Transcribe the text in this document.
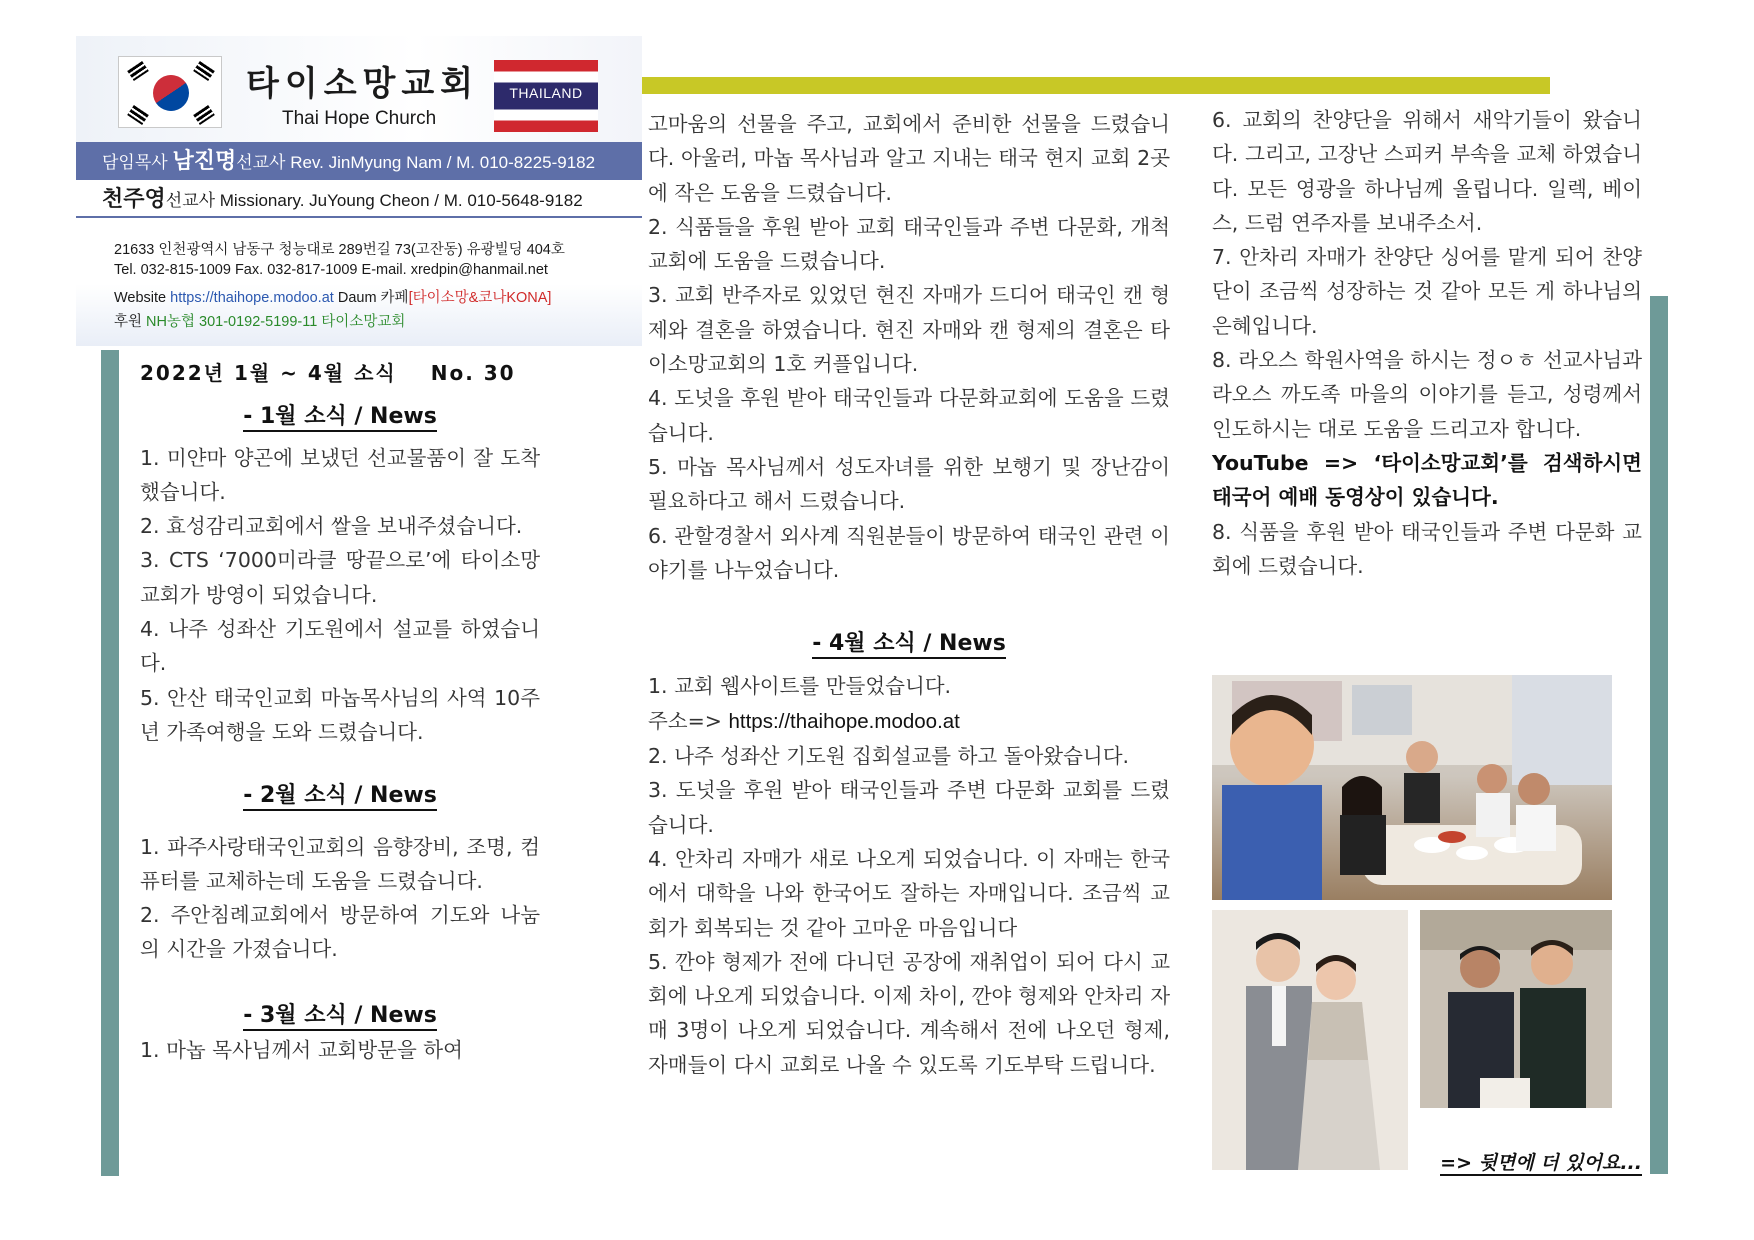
타이소망교회
Thai Hope Church
THAILAND
담임목사 남진명선교사 Rev. JinMyung Nam / M. 010-8225-9182
천주영선교사 Missionary. JuYoung Cheon / M. 010-5648-9182
21633 인천광역시 남동구 청능대로 289번길 73(고잔동) 유광빌딩 404호
Tel. 032-815-1009 Fax. 032-817-1009 E-mail. xredpin@hanmail.net
Website https://thaihope.modoo.at Daum 카페[타이소망&코나KONA]
후원 NH농협 301-0192-5199-11 타이소망교회
2022년 1월 ~ 4월 소식 No. 30
- 1월 소식 / News

1. 미얀마 양곤에 보냈던 선교물품이 잘 도착했습니다.

2. 효성감리교회에서 쌀을 보내주셨습니다.

3. CTS ‘7000미라클 땅끝으로’에 타이소망교회가 방영이 되었습니다.

4. 나주 성좌산 기도원에서 설교를 하였습니다.

5. 안산 태국인교회 마놉목사님의 사역 10주년 가족여행을 도와 드렸습니다.

- 2월 소식 / News

1. 파주사랑태국인교회의 음향장비, 조명, 컴퓨터를 교체하는데 도움을 드렸습니다.

2. 주안침례교회에서 방문하여 기도와 나눔의 시간을 가졌습니다.

- 3월 소식 / News

1. 마놉 목사님께서 교회방문을 하여

고마움의 선물을 주고, 교회에서 준비한 선물을 드렸습니다. 아울러, 마놉 목사님과 알고 지내는 태국 현지 교회 2곳에 작은 도움을 드렸습니다.

2. 식품들을 후원 받아 교회 태국인들과 주변 다문화, 개척교회에 도움을 드렸습니다.

3. 교회 반주자로 있었던 현진 자매가 드디어 태국인 캔 형제와 결혼을 하였습니다. 현진 자매와 캔 형제의 결혼은 타이소망교회의 1호 커플입니다.

4. 도넛을 후원 받아 태국인들과 다문화교회에 도움을 드렸습니다.

5. 마놉 목사님께서 성도자녀를 위한 보행기 및 장난감이 필요하다고 해서 드렸습니다.

6. 관할경찰서 외사계 직원분들이 방문하여 태국인 관련 이야기를 나누었습니다.

- 4월 소식 / News

1. 교회 웹사이트를 만들었습니다.

주소=> https://thaihope.modoo.at

2. 나주 성좌산 기도원 집회설교를 하고 돌아왔습니다.

3. 도넛을 후원 받아 태국인들과 주변 다문화 교회를 드렸습니다.

4. 안차리 자매가 새로 나오게 되었습니다. 이 자매는 한국에서 대학을 나와 한국어도 잘하는 자매입니다. 조금씩 교회가 회복되는 것 같아 고마운 마음입니다

5. 깐야 형제가 전에 다니던 공장에 재취업이 되어 다시 교회에 나오게 되었습니다. 이제 차이, 깐야 형제와 안차리 자매 3명이 나오게 되었습니다. 계속해서 전에 나오던 형제, 자매들이 다시 교회로 나올 수 있도록 기도부탁 드립니다.

6. 교회의 찬양단을 위해서 새악기들이 왔습니다. 그리고, 고장난 스피커 부속을 교체 하였습니다. 모든 영광을 하나님께 올립니다. 일렉, 베이스, 드럼 연주자를 보내주소서.

7. 안차리 자매가 찬양단 싱어를 맡게 되어 찬양단이 조금씩 성장하는 것 같아 모든 게 하나님의 은혜입니다.

8. 라오스 학원사역을 하시는 정ㅇㅎ 선교사님과 라오스 까도족 마을의 이야기를 듣고, 성령께서 인도하시는 대로 도움을 드리고자 합니다.

YouTube => ‘타이소망교회’를 검색하시면 태국어 예배 동영상이 있습니다.

8. 식품을 후원 받아 태국인들과 주변 다문화 교회에 드렸습니다.

=> 뒷면에 더 있어요...
